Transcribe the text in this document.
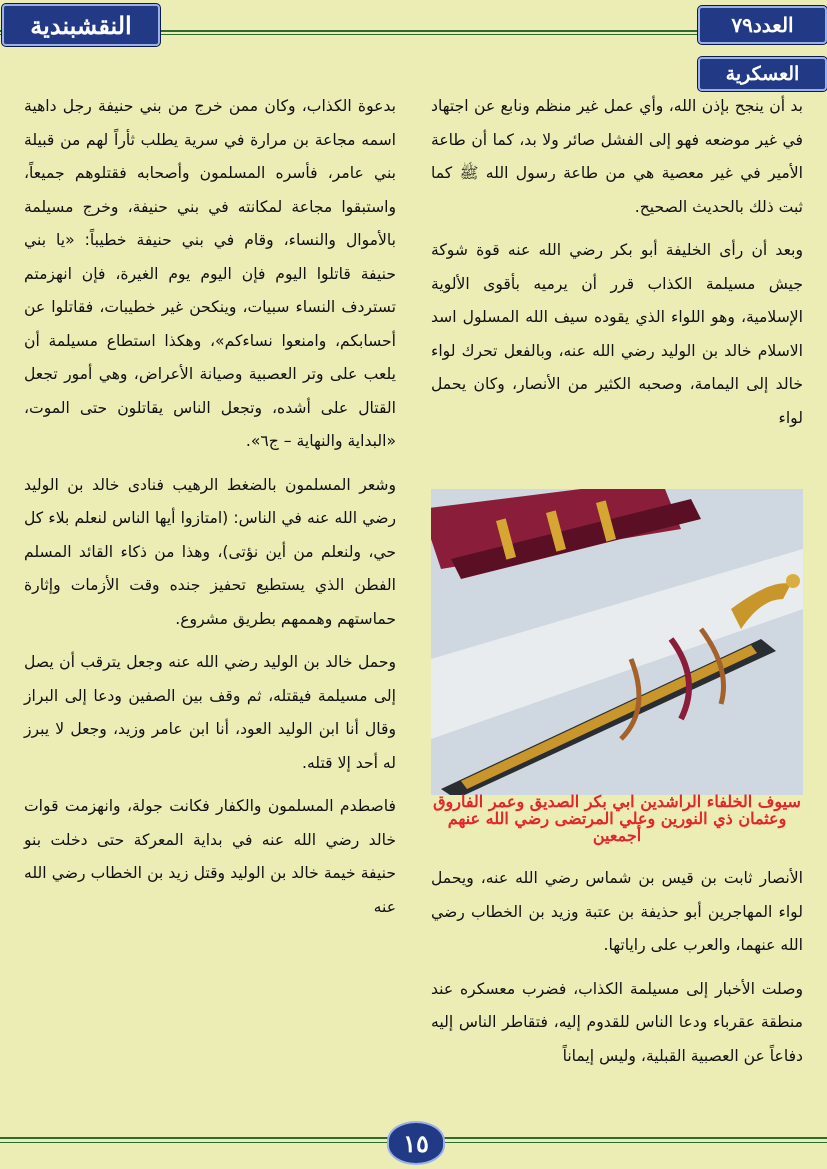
النقشبندية	العدد٧٩
العسكرية

بد أن ينجح بإذن الله، وأي عمل غير منظم ونابع عن اجتهاد في غير موضعه فهو إلى الفشل صائر ولا بد، كما أن طاعة الأمير في غير معصية هي من طاعة رسول الله ﷺ كما ثبت ذلك بالحديث الصحيح.

وبعد أن رأى الخليفة أبو بكر رضي الله عنه قوة شوكة جيش مسيلمة الكذاب قرر أن يرميه بأقوى الألوية الإسلامية، وهو اللواء الذي يقوده سيف الله المسلول اسد الاسلام خالد بن الوليد رضي الله عنه، وبالفعل تحرك لواء خالد إلى اليمامة، وصحبه الكثير من الأنصار، وكان يحمل لواء

سيوف الخلفاء الراشدين ابي بكر الصديق وعمر الفاروق وعثمان ذي النورين وعلي المرتضى رضي الله عنهم أجمعين

الأنصار ثابت بن قيس بن شماس رضي الله عنه، ويحمل لواء المهاجرين أبو حذيفة بن عتبة وزيد بن الخطاب رضي الله عنهما، والعرب على راياتها.

وصلت الأخبار إلى مسيلمة الكذاب، فضرب معسكره عند منطقة عقرباء ودعا الناس للقدوم إليه، فتقاطر الناس إليه دفاعاً عن العصبية القبلية، وليس إيماناً

بدعوة الكذاب، وكان ممن خرج من بني حنيفة رجل داهية اسمه مجاعة بن مرارة في سرية يطلب ثأراً لهم من قبيلة بني عامر، فأسره المسلمون وأصحابه فقتلوهم جميعاً، واستبقوا مجاعة لمكانته في بني حنيفة، وخرج مسيلمة بالأموال والنساء، وقام في بني حنيفة خطيباً: «يا بني حنيفة قاتلوا اليوم فإن اليوم يوم الغيرة، فإن انهزمتم تستردف النساء سبيات، وينكحن غير خطيبات، فقاتلوا عن أحسابكم، وامنعوا نساءكم»، وهكذا استطاع مسيلمة أن يلعب على وتر العصبية وصيانة الأعراض، وهي أمور تجعل القتال على أشده، وتجعل الناس يقاتلون حتى الموت، «البداية والنهاية – ج٦».

وشعر المسلمون بالضغط الرهيب فنادى خالد بن الوليد رضي الله عنه في الناس: (امتازوا أيها الناس لنعلم بلاء كل حي، ولنعلم من أين نؤتى)، وهذا من ذكاء القائد المسلم الفطن الذي يستطيع تحفيز جنده وقت الأزمات وإثارة حماستهم وهممهم بطريق مشروع.

وحمل خالد بن الوليد رضي الله عنه وجعل يترقب أن يصل إلى مسيلمة فيقتله، ثم وقف بين الصفين ودعا إلى البراز وقال أنا ابن الوليد العود، أنا ابن عامر وزيد، وجعل لا يبرز له أحد إلا قتله.

فاصطدم المسلمون والكفار فكانت جولة، وانهزمت قوات خالد رضي الله عنه في بداية المعركة حتى دخلت بنو حنيفة خيمة خالد بن الوليد وقتل زيد بن الخطاب رضي الله عنه

١٥
